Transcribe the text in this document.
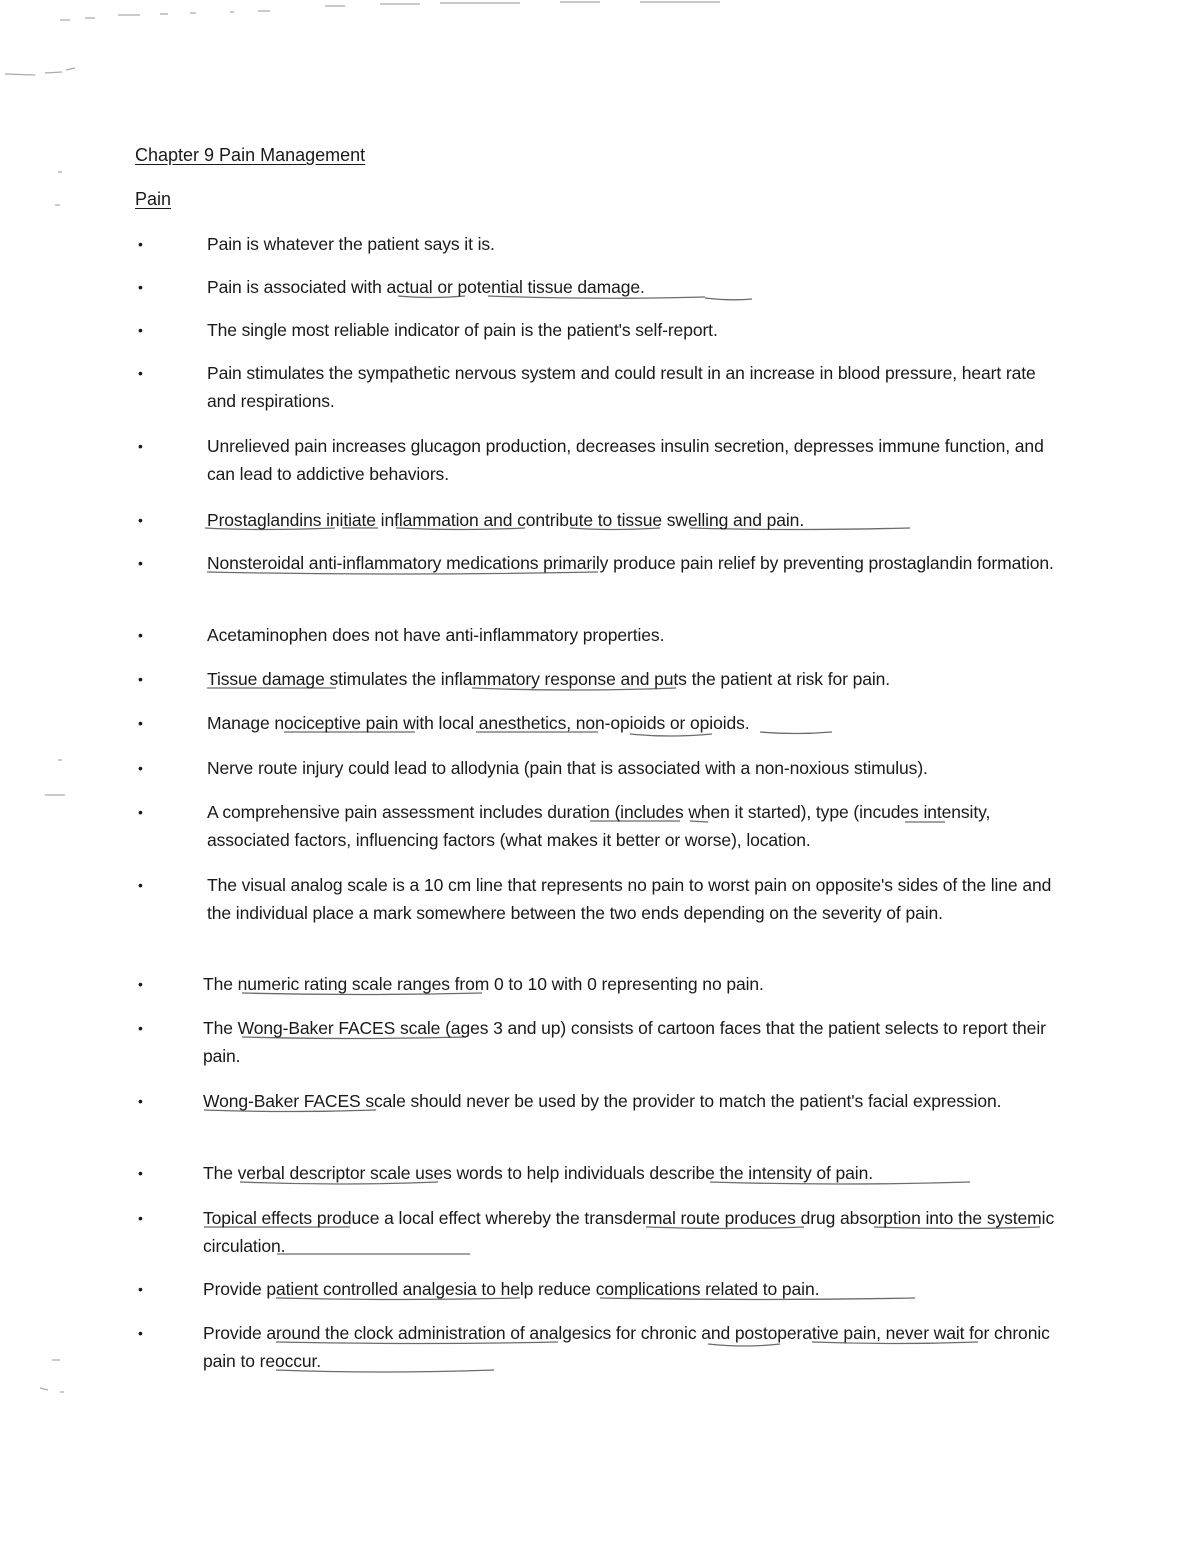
Chapter 9 Pain Management
Pain
•	Pain is whatever the patient says it is.
•	Pain is associated with actual or potential tissue damage.
•	The single most reliable indicator of pain is the patient's self-report.
•	Pain stimulates the sympathetic nervous system and could result in an increase in blood pressure, heart rate and respirations.
•	Unrelieved pain increases glucagon production, decreases insulin secretion, depresses immune function, and can lead to addictive behaviors.
•	Prostaglandins initiate inflammation and contribute to tissue swelling and pain.
•	Nonsteroidal anti-inflammatory medications primarily produce pain relief by preventing prostaglandin formation.
•	Acetaminophen does not have anti-inflammatory properties.
•	Tissue damage stimulates the inflammatory response and puts the patient at risk for pain.
•	Manage nociceptive pain with local anesthetics, non-opioids or opioids.
•	Nerve route injury could lead to allodynia (pain that is associated with a non-noxious stimulus).
•	A comprehensive pain assessment includes duration (includes when it started), type (incudes intensity, associated factors, influencing factors (what makes it better or worse), location.
•	The visual analog scale is a 10 cm line that represents no pain to worst pain on opposite's sides of the line and the individual place a mark somewhere between the two ends depending on the severity of pain.
•	The numeric rating scale ranges from 0 to 10 with 0 representing no pain.
•	The Wong-Baker FACES scale (ages 3 and up) consists of cartoon faces that the patient selects to report their pain.
•	Wong-Baker FACES scale should never be used by the provider to match the patient's facial expression.
•	The verbal descriptor scale uses words to help individuals describe the intensity of pain.
•	Topical effects produce a local effect whereby the transdermal route produces drug absorption into the systemic circulation.
•	Provide patient controlled analgesia to help reduce complications related to pain.
•	Provide around the clock administration of analgesics for chronic and postoperative pain, never wait for chronic pain to reoccur.
